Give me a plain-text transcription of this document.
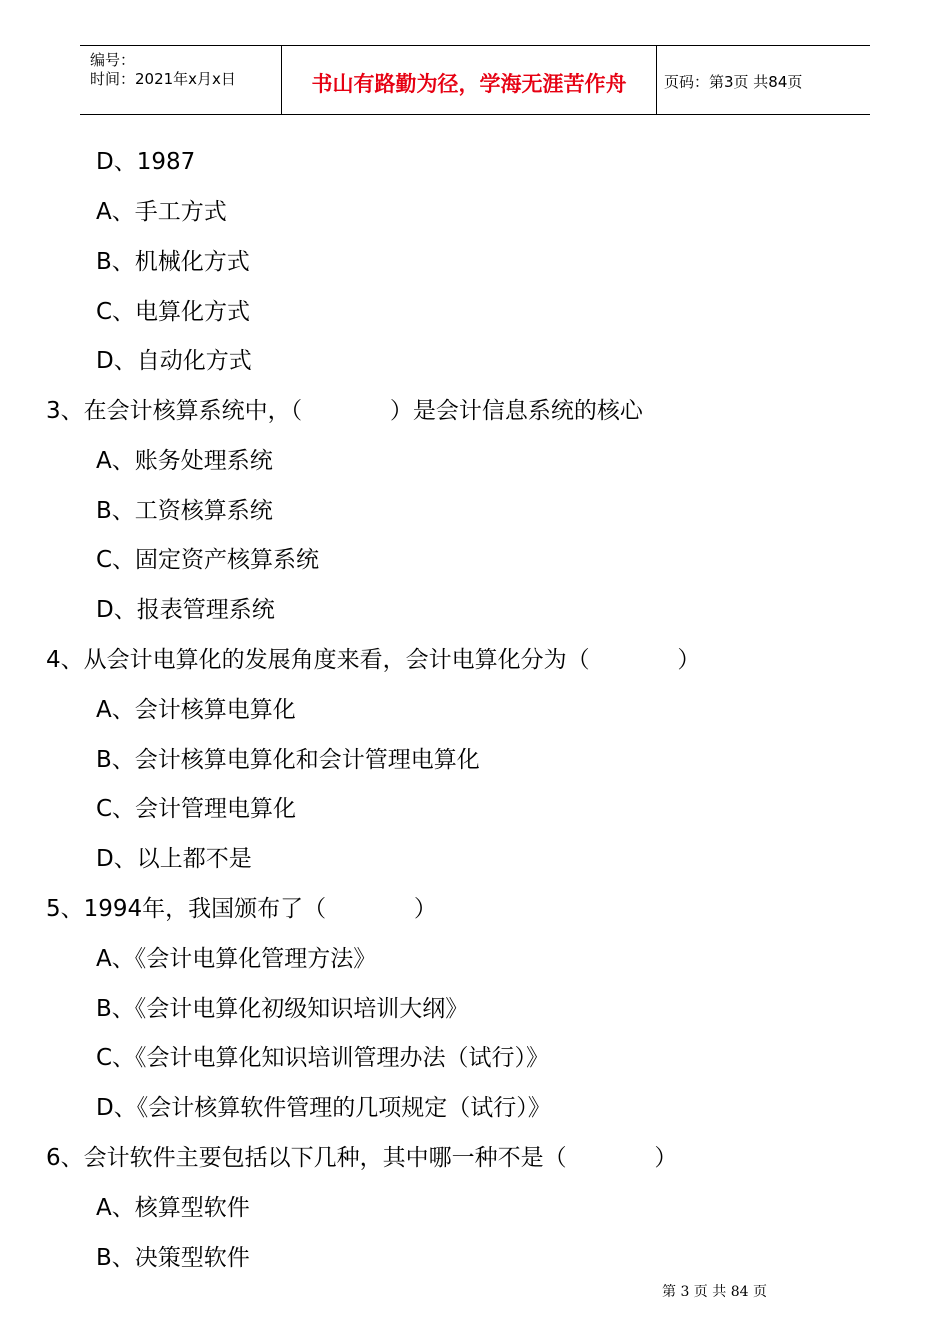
编号：
时间：2021年x月x日	书山有路勤为径，学海无涯苦作舟	页码：第3页 共84页
D、1987
A、手工方式
B、机械化方式
C、电算化方式
D、自动化方式
3、在会计核算系统中，（            ）是会计信息系统的核心
A、账务处理系统
B、工资核算系统
C、固定资产核算系统
D、报表管理系统
4、从会计电算化的发展角度来看，会计电算化分为（            ）
A、会计核算电算化
B、会计核算电算化和会计管理电算化
C、会计管理电算化
D、以上都不是
5、1994年，我国颁布了（            ）
A、《会计电算化管理方法》
B、《会计电算化初级知识培训大纲》
C、《会计电算化知识培训管理办法（试行）》
D、《会计核算软件管理的几项规定（试行）》
6、会计软件主要包括以下几种，其中哪一种不是（            ）
A、核算型软件
B、决策型软件
第 3 页 共 84 页
